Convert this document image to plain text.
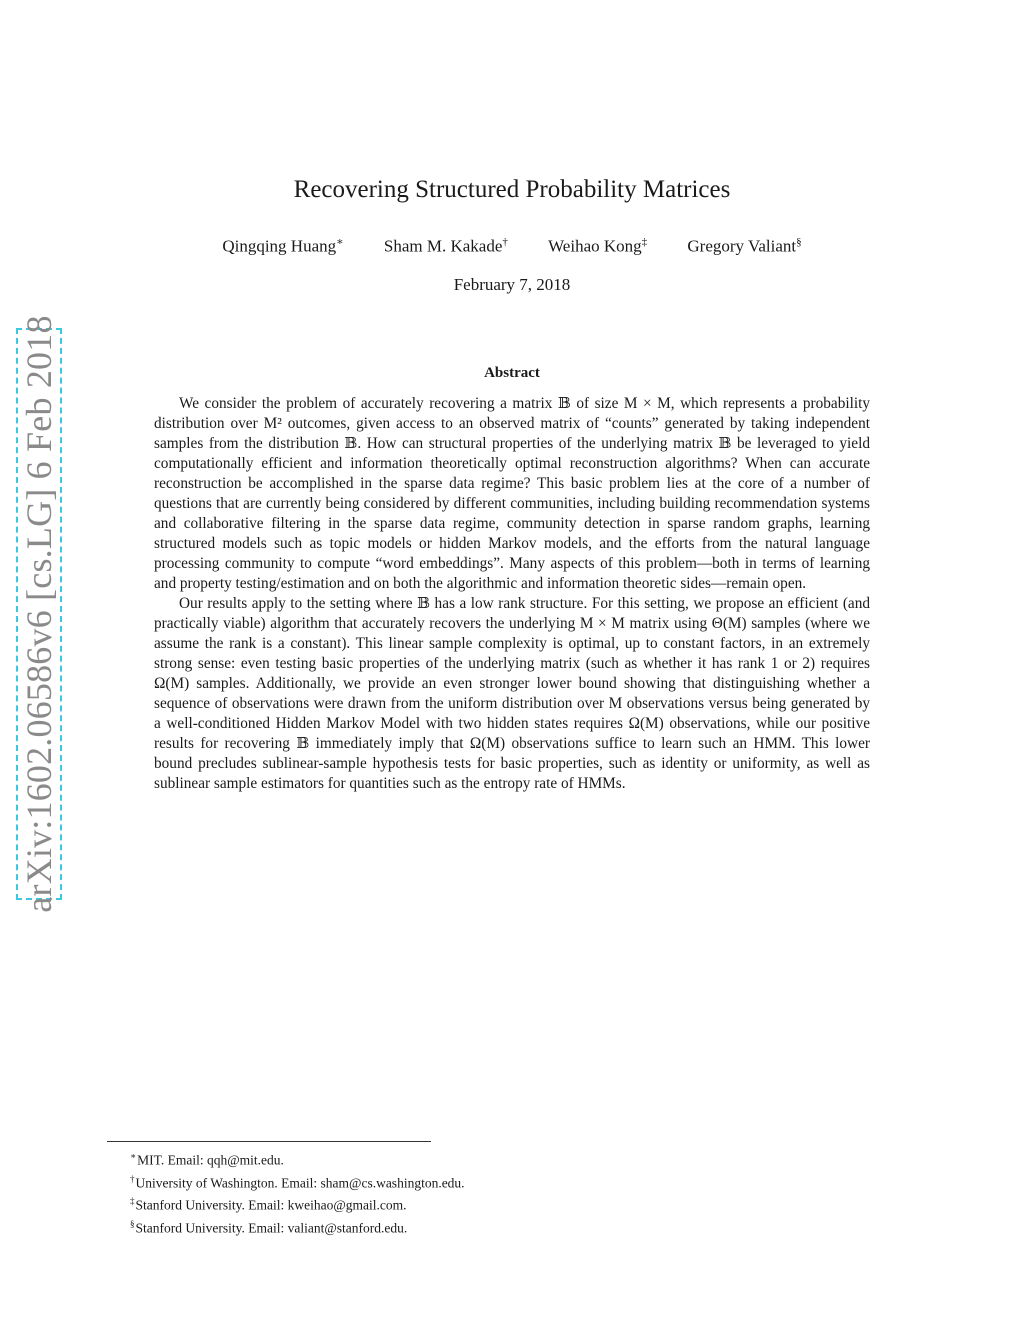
arXiv:1602.06586v6 [cs.LG] 6 Feb 2018
Recovering Structured Probability Matrices
Qingqing Huang∗ Sham M. Kakade† Weihao Kong‡ Gregory Valiant§
February 7, 2018
Abstract

We consider the problem of accurately recovering a matrix 𝔹 of size M × M, which represents a probability distribution over M² outcomes, given access to an observed matrix of “counts” generated by taking independent samples from the distribution 𝔹. How can structural properties of the underlying matrix 𝔹 be leveraged to yield computationally efficient and information theoretically optimal reconstruction algorithms? When can accurate reconstruction be accomplished in the sparse data regime? This basic problem lies at the core of a number of questions that are currently being considered by different communities, including building recommendation systems and collaborative filtering in the sparse data regime, community detection in sparse random graphs, learning structured models such as topic models or hidden Markov models, and the efforts from the natural language processing community to compute “word embeddings”. Many aspects of this problem—both in terms of learning and property testing/estimation and on both the algorithmic and information theoretic sides—remain open.

Our results apply to the setting where 𝔹 has a low rank structure. For this setting, we propose an efficient (and practically viable) algorithm that accurately recovers the underlying M × M matrix using Θ(M) samples (where we assume the rank is a constant). This linear sample complexity is optimal, up to constant factors, in an extremely strong sense: even testing basic properties of the underlying matrix (such as whether it has rank 1 or 2) requires Ω(M) samples. Additionally, we provide an even stronger lower bound showing that distinguishing whether a sequence of observations were drawn from the uniform distribution over M observations versus being generated by a well-conditioned Hidden Markov Model with two hidden states requires Ω(M) observations, while our positive results for recovering 𝔹 immediately imply that Ω(M) observations suffice to learn such an HMM. This lower bound precludes sublinear-sample hypothesis tests for basic properties, such as identity or uniformity, as well as sublinear sample estimators for quantities such as the entropy rate of HMMs.

∗MIT. Email: qqh@mit.edu.
†University of Washington. Email: sham@cs.washington.edu.
‡Stanford University. Email: kweihao@gmail.com.
§Stanford University. Email: valiant@stanford.edu.
